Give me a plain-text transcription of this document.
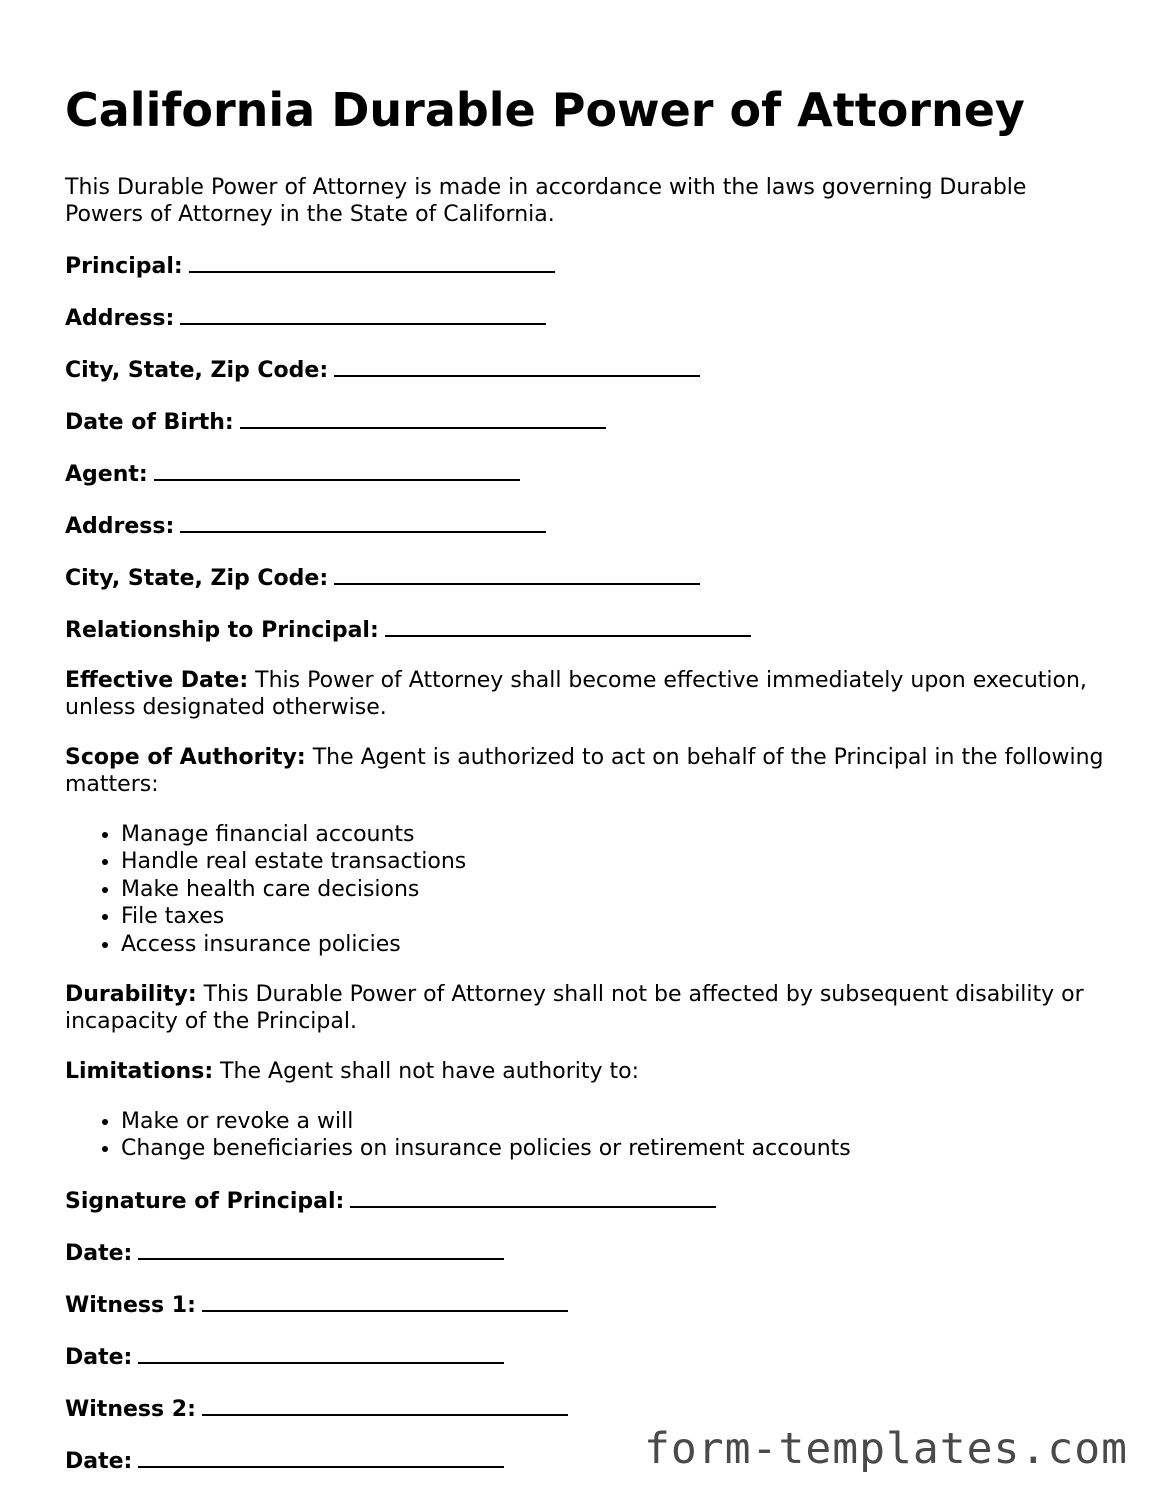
California Durable Power of Attorney

This Durable Power of Attorney is made in accordance with the laws governing Durable Powers of Attorney in the State of California.

Principal:

Address:

City, State, Zip Code:

Date of Birth:

Agent:

Address:

City, State, Zip Code:

Relationship to Principal:

Effective Date: This Power of Attorney shall become effective immediately upon execution, unless designated otherwise.

Scope of Authority: The Agent is authorized to act on behalf of the Principal in the following matters:

• Manage financial accounts
• Handle real estate transactions
• Make health care decisions
• File taxes
• Access insurance policies

Durability: This Durable Power of Attorney shall not be affected by subsequent disability or incapacity of the Principal.

Limitations: The Agent shall not have authority to:

• Make or revoke a will
• Change beneficiaries on insurance policies or retirement accounts

Signature of Principal:

Date:

Witness 1:

Date:

Witness 2:

Date:	form-templates.com
